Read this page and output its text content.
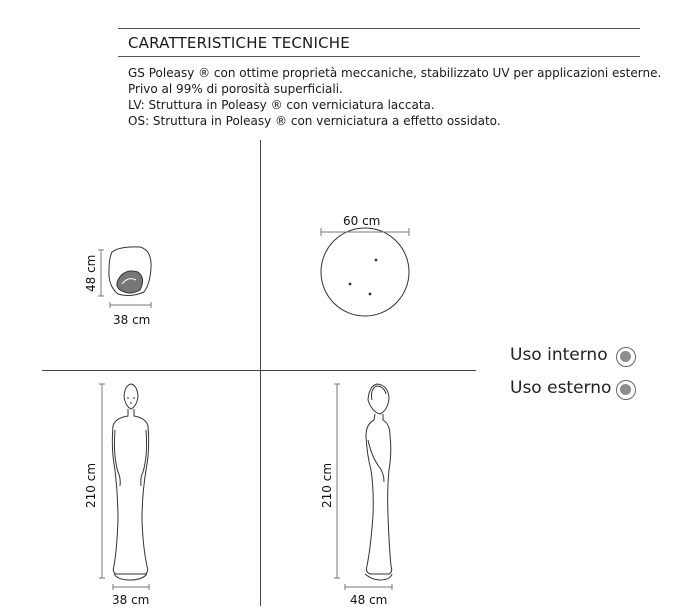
CARATTERISTICHE TECNICHE
GS Poleasy ® con ottime proprietà meccaniche, stabilizzato UV per applicazioni esterne.
Privo al 99% di porosità superficiali.
LV: Struttura in Poleasy ® con verniciatura laccata.
OS: Struttura in Poleasy ® con verniciatura a effetto ossidato.
48 cm
38 cm
60 cm
210 cm
38 cm
210 cm
48 cm
Uso interno
Uso esterno
